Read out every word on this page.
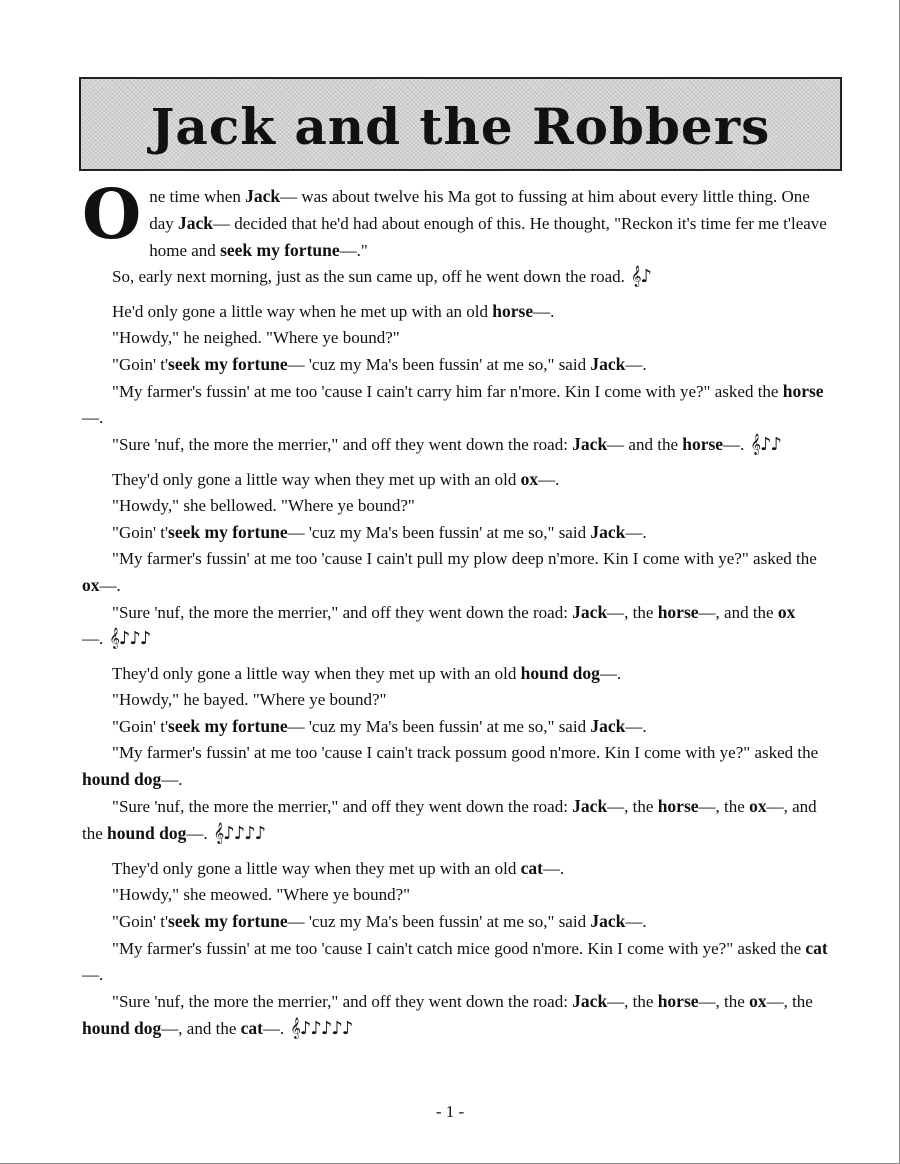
Jack and the Robbers
O ne time when Jack— was about twelve his Ma got to fussing at him about every little thing. One day Jack— decided that he'd had about enough of this. He thought, "Reckon it's time fer me t'leave home and seek my fortune—."

So, early next morning, just as the sun came up, off he went down the road. 𝄞♪

He'd only gone a little way when he met up with an old horse—.

"Howdy," he neighed. "Where ye bound?"

"Goin' t'seek my fortune— 'cuz my Ma's been fussin' at me so," said Jack—.

"My farmer's fussin' at me too 'cause I cain't carry him far n'more. Kin I come with ye?" asked the horse—.

"Sure 'nuf, the more the merrier," and off they went down the road: Jack— and the horse—. 𝄞♪♪

They'd only gone a little way when they met up with an old ox—.

"Howdy," she bellowed. "Where ye bound?"

"Goin' t'seek my fortune— 'cuz my Ma's been fussin' at me so," said Jack—.

"My farmer's fussin' at me too 'cause I cain't pull my plow deep n'more. Kin I come with ye?" asked the ox—.

"Sure 'nuf, the more the merrier," and off they went down the road: Jack—, the horse—, and the ox—. 𝄞♪♪♪

They'd only gone a little way when they met up with an old hound dog—.

"Howdy," he bayed. "Where ye bound?"

"Goin' t'seek my fortune— 'cuz my Ma's been fussin' at me so," said Jack—.

"My farmer's fussin' at me too 'cause I cain't track possum good n'more. Kin I come with ye?" asked the hound dog—.

"Sure 'nuf, the more the merrier," and off they went down the road: Jack—, the horse—, the ox—, and the hound dog—. 𝄞♪♪♪♪

They'd only gone a little way when they met up with an old cat—.

"Howdy," she meowed. "Where ye bound?"

"Goin' t'seek my fortune— 'cuz my Ma's been fussin' at me so," said Jack—.

"My farmer's fussin' at me too 'cause I cain't catch mice good n'more. Kin I come with ye?" asked the cat—.

"Sure 'nuf, the more the merrier," and off they went down the road: Jack—, the horse—, the ox—, the hound dog—, and the cat—. 𝄞♪♪♪♪♪

- 1 -
